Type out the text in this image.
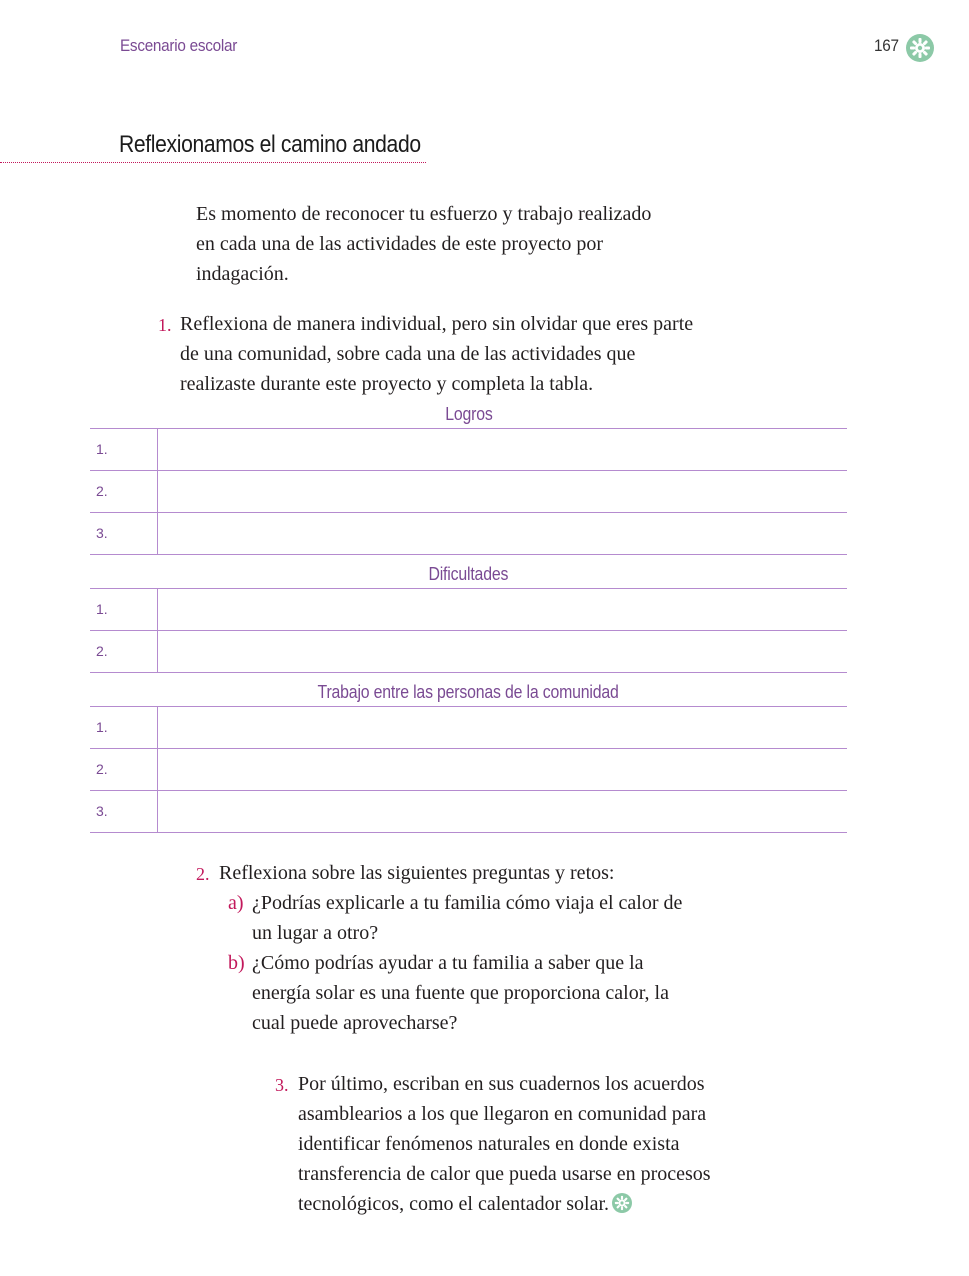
Escenario escolar	167
Reflexionamos el camino andado
Es momento de reconocer tu esfuerzo y trabajo realizado en cada una de las actividades de este proyecto por indagación.
1. Reflexiona de manera individual, pero sin olvidar que eres parte de una comunidad, sobre cada una de las actividades que realizaste durante este proyecto y completa la tabla.
Logros
1.
2.
3.
Dificultades
1.
2.
Trabajo entre las personas de la comunidad
1.
2.
3.
2. Reflexiona sobre las siguientes preguntas y retos:
a) ¿Podrías explicarle a tu familia cómo viaja el calor de un lugar a otro?
b) ¿Cómo podrías ayudar a tu familia a saber que la energía solar es una fuente que proporciona calor, la cual puede aprovecharse?
3. Por último, escriban en sus cuadernos los acuerdos asamblearios a los que llegaron en comunidad para identificar fenómenos naturales en donde exista transferencia de calor que pueda usarse en procesos tecnológicos, como el calentador solar.
